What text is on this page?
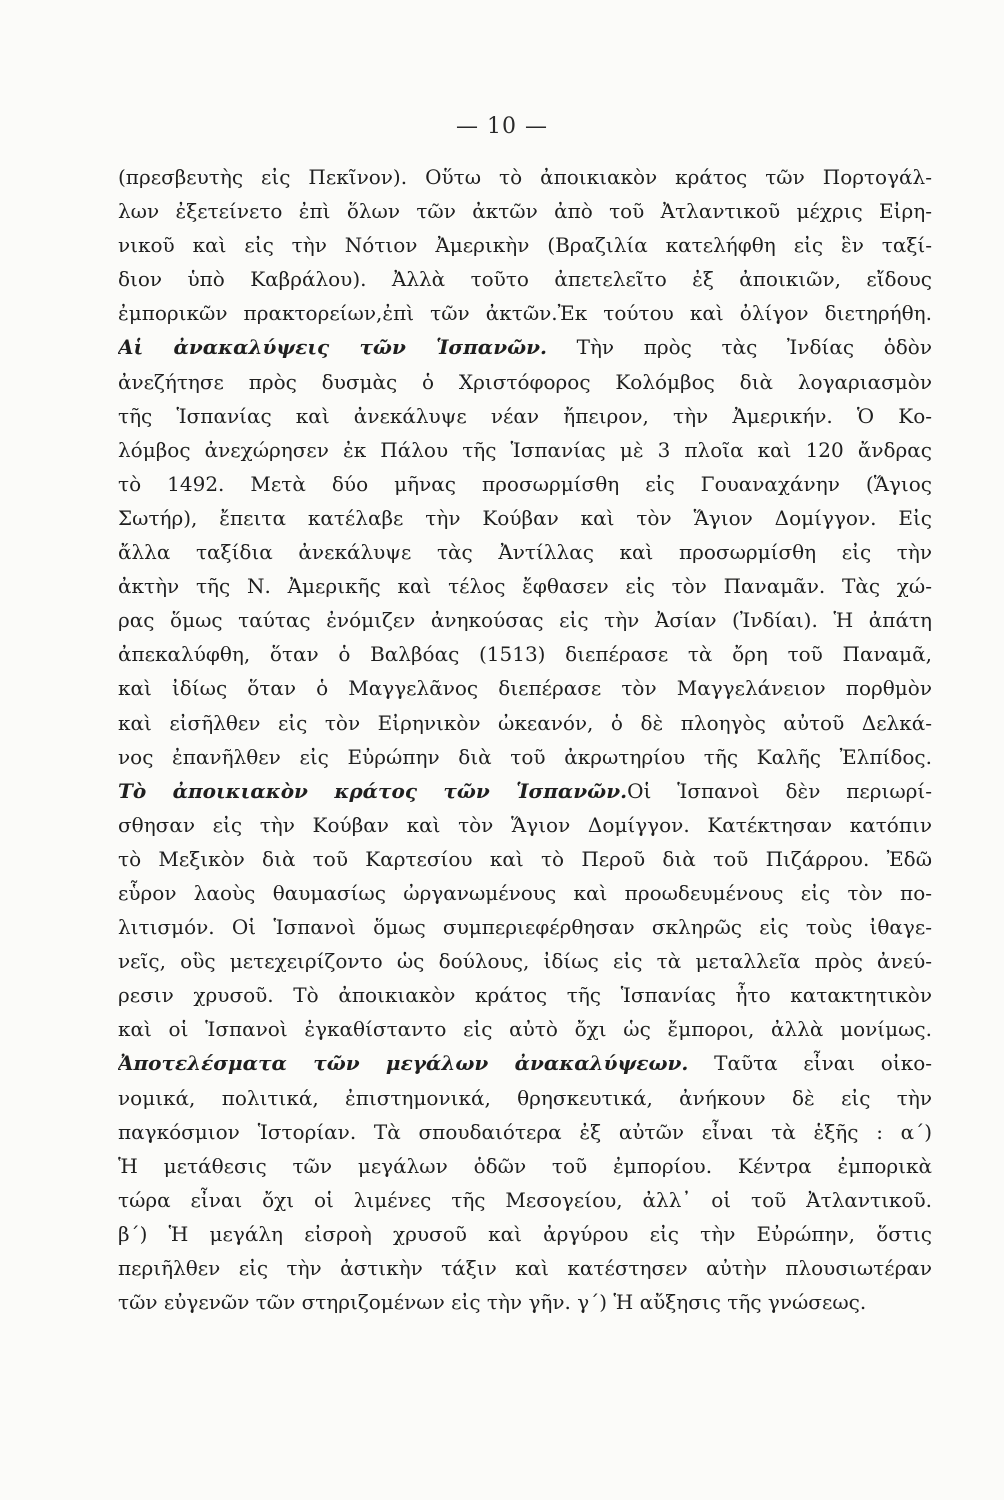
— 10 —
(πρεσβευτὴς εἰς Πεκῖνον). Οὕτω τὸ ἀποικιακὸν κράτος τῶν Πορτογάλ-
λων ἐξετείνετο ἐπὶ ὅλων τῶν ἀκτῶν ἀπὸ τοῦ Ἀτλαντικοῦ μέχρις Εἰρη-
νικοῦ καὶ εἰς τὴν Νότιον Ἀμερικὴν (Βραζιλία κατελήφθη εἰς ἓν ταξί-
διον ὑπὸ Καβράλου). Ἀλλὰ τοῦτο ἀπετελεῖτο ἐξ ἀποικιῶν, εἴδους
ἐμπορικῶν πρακτορείων,ἐπὶ τῶν ἀκτῶν.Ἐκ τούτου καὶ ὀλίγον διετηρήθη.
Αἱ ἀνακαλύψεις τῶν Ἱσπανῶν. Τὴν πρὸς τὰς Ἰνδίας ὁδὸν
ἀνεζήτησε πρὸς δυσμὰς ὁ Χριστόφορος Κολόμβος διὰ λογαριασμὸν
τῆς Ἱσπανίας καὶ ἀνεκάλυψε νέαν ἤπειρον, τὴν Ἀμερικήν. Ὁ Κο-
λόμβος ἀνεχώρησεν ἐκ Πάλου τῆς Ἱσπανίας μὲ 3 πλοῖα καὶ 120 ἄνδρας
τὸ 1492. Μετὰ δύο μῆνας προσωρμίσθη εἰς Γουαναχάνην (Ἅγιος
Σωτήρ), ἔπειτα κατέλαβε τὴν Κούβαν καὶ τὸν Ἅγιον Δομίγγον. Εἰς
ἄλλα ταξίδια ἀνεκάλυψε τὰς Ἀντίλλας καὶ προσωρμίσθη εἰς τὴν
ἀκτὴν τῆς Ν. Ἀμερικῆς καὶ τέλος ἔφθασεν εἰς τὸν Παναμᾶν. Τὰς χώ-
ρας ὅμως ταύτας ἐνόμιζεν ἀνηκούσας εἰς τὴν Ἀσίαν (Ἰνδίαι). Ἡ ἀπάτη
ἀπεκαλύφθη, ὅταν ὁ Βαλβόας (1513) διεπέρασε τὰ ὄρη τοῦ Παναμᾶ,
καὶ ἰδίως ὅταν ὁ Μαγγελᾶνος διεπέρασε τὸν Μαγγελάνειον πορθμὸν
καὶ εἰσῆλθεν εἰς τὸν Εἰρηνικὸν ὠκεανόν, ὁ δὲ πλοηγὸς αὐτοῦ Δελκά-
νος ἐπανῆλθεν εἰς Εὐρώπην διὰ τοῦ ἀκρωτηρίου τῆς Καλῆς Ἐλπίδος.
Τὸ ἀποικιακὸν κράτος τῶν Ἱσπανῶν.Οἱ Ἱσπανοὶ δὲν περιωρί-
σθησαν εἰς τὴν Κούβαν καὶ τὸν Ἅγιον Δομίγγον. Κατέκτησαν κατόπιν
τὸ Μεξικὸν διὰ τοῦ Καρτεσίου καὶ τὸ Περοῦ διὰ τοῦ Πιζάρρου. Ἐδῶ
εὗρον λαοὺς θαυμασίως ὠργανωμένους καὶ προωδευμένους εἰς τὸν πο-
λιτισμόν. Οἱ Ἱσπανοὶ ὅμως συμπεριεφέρθησαν σκληρῶς εἰς τοὺς ἰθαγε-
νεῖς, οὓς μετεχειρίζοντο ὡς δούλους, ἰδίως εἰς τὰ μεταλλεῖα πρὸς ἀνεύ-
ρεσιν χρυσοῦ. Τὸ ἀποικιακὸν κράτος τῆς Ἱσπανίας ἦτο κατακτητικὸν
καὶ οἱ Ἱσπανοὶ ἐγκαθίσταντο εἰς αὐτὸ ὄχι ὡς ἔμποροι, ἀλλὰ μονίμως.
Ἀποτελέσματα τῶν μεγάλων ἀνακαλύψεων. Ταῦτα εἶναι οἰκο-
νομικά, πολιτικά, ἐπιστημονικά, θρησκευτικά, ἀνήκουν δὲ εἰς τὴν
παγκόσμιον Ἱστορίαν. Τὰ σπουδαιότερα ἐξ αὐτῶν εἶναι τὰ ἑξῆς : α΄)
Ἡ μετάθεσις τῶν μεγάλων ὁδῶν τοῦ ἐμπορίου. Κέντρα ἐμπορικὰ
τώρα εἶναι ὄχι οἱ λιμένες τῆς Μεσογείου, ἀλλ᾽ οἱ τοῦ Ἀτλαντικοῦ.
β΄) Ἡ μεγάλη εἰσροὴ χρυσοῦ καὶ ἀργύρου εἰς τὴν Εὐρώπην, ὅστις
περιῆλθεν εἰς τὴν ἀστικὴν τάξιν καὶ κατέστησεν αὐτὴν πλουσιωτέραν
τῶν εὐγενῶν τῶν στηριζομένων εἰς τὴν γῆν. γ΄) Ἡ αὔξησις τῆς γνώσεως.
